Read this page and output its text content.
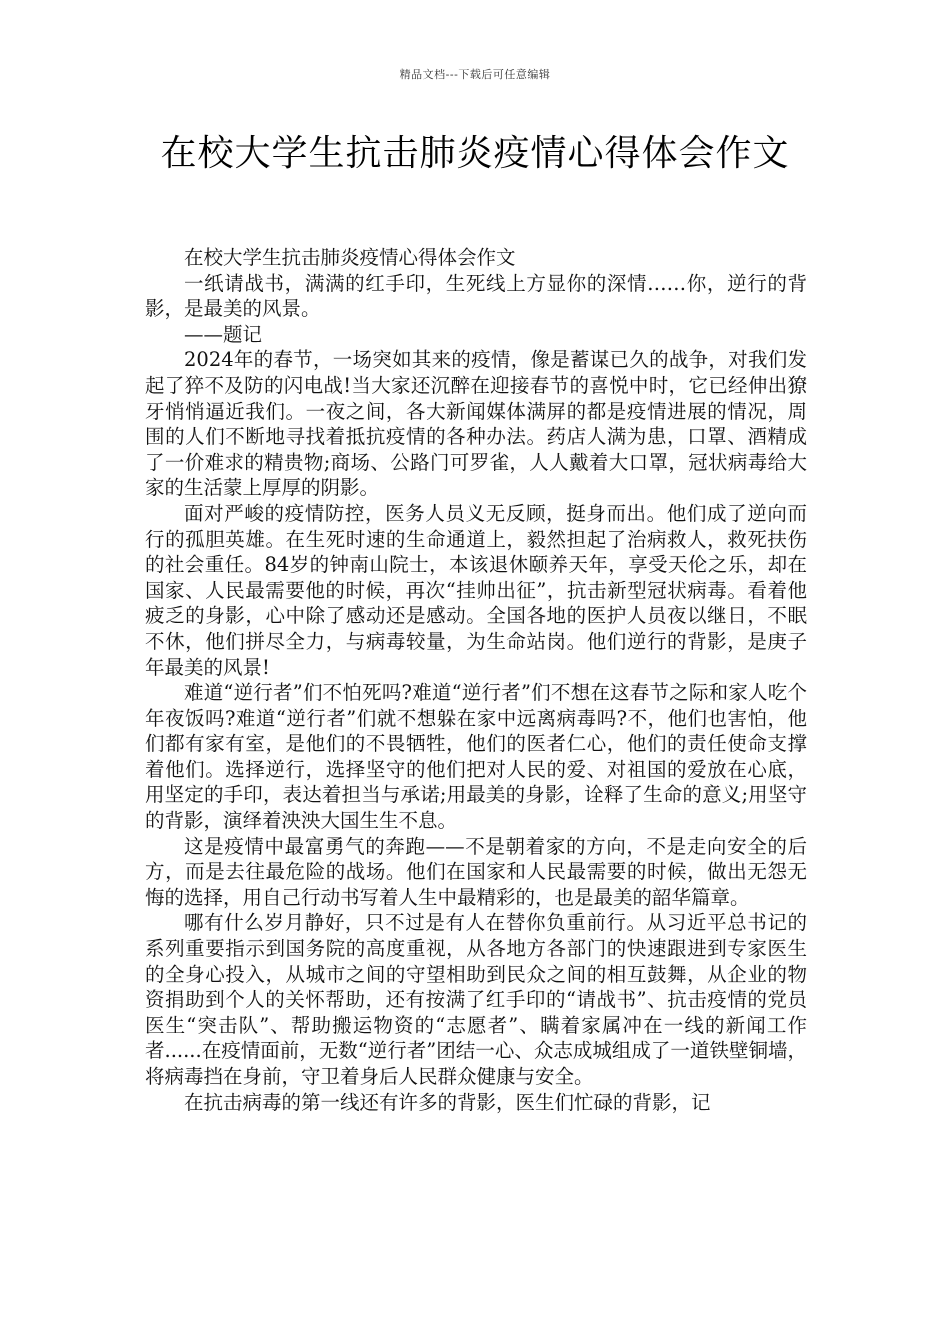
精品文档---下载后可任意编辑
在校大学生抗击肺炎疫情心得体会作文

在校大学生抗击肺炎疫情心得体会作文

一纸请战书，满满的红手印，生死线上方显你的深情……你，逆行的背影，是最美的风景。

——题记

2024年的春节，一场突如其来的疫情，像是蓄谋已久的战争，对我们发起了猝不及防的闪电战!当大家还沉醉在迎接春节的喜悦中时，它已经伸出獠牙悄悄逼近我们。一夜之间，各大新闻媒体满屏的都是疫情进展的情况，周围的人们不断地寻找着抵抗疫情的各种办法。药店人满为患，口罩、酒精成了一价难求的精贵物;商场、公路门可罗雀，人人戴着大口罩，冠状病毒给大家的生活蒙上厚厚的阴影。

面对严峻的疫情防控，医务人员义无反顾，挺身而出。他们成了逆向而行的孤胆英雄。在生死时速的生命通道上，毅然担起了治病救人，救死扶伤的社会重任。84岁的钟南山院士，本该退休颐养天年，享受天伦之乐，却在国家、人民最需要他的时候，再次“挂帅出征”，抗击新型冠状病毒。看着他疲乏的身影，心中除了感动还是感动。全国各地的医护人员夜以继日，不眠不休，他们拼尽全力，与病毒较量，为生命站岗。他们逆行的背影，是庚子年最美的风景!

难道“逆行者”们不怕死吗?难道“逆行者”们不想在这春节之际和家人吃个年夜饭吗?难道“逆行者”们就不想躲在家中远离病毒吗?不，他们也害怕，他们都有家有室，是他们的不畏牺牲，他们的医者仁心，他们的责任使命支撑着他们。选择逆行，选择坚守的他们把对人民的爱、对祖国的爱放在心底，用坚定的手印，表达着担当与承诺;用最美的身影，诠释了生命的意义;用坚守的背影，演绎着泱泱大国生生不息。

这是疫情中最富勇气的奔跑——不是朝着家的方向，不是走向安全的后方，而是去往最危险的战场。他们在国家和人民最需要的时候，做出无怨无悔的选择，用自己行动书写着人生中最精彩的，也是最美的韶华篇章。

哪有什么岁月静好，只不过是有人在替你负重前行。从习近平总书记的系列重要指示到国务院的高度重视，从各地方各部门的快速跟进到专家医生的全身心投入，从城市之间的守望相助到民众之间的相互鼓舞，从企业的物资捐助到个人的关怀帮助，还有按满了红手印的“请战书”、抗击疫情的党员医生“突击队”、帮助搬运物资的“志愿者”、瞒着家属冲在一线的新闻工作者......在疫情面前，无数“逆行者”团结一心、众志成城组成了一道铁壁铜墙，将病毒挡在身前，守卫着身后人民群众健康与安全。

在抗击病毒的第一线还有许多的背影，医生们忙碌的背影，记
